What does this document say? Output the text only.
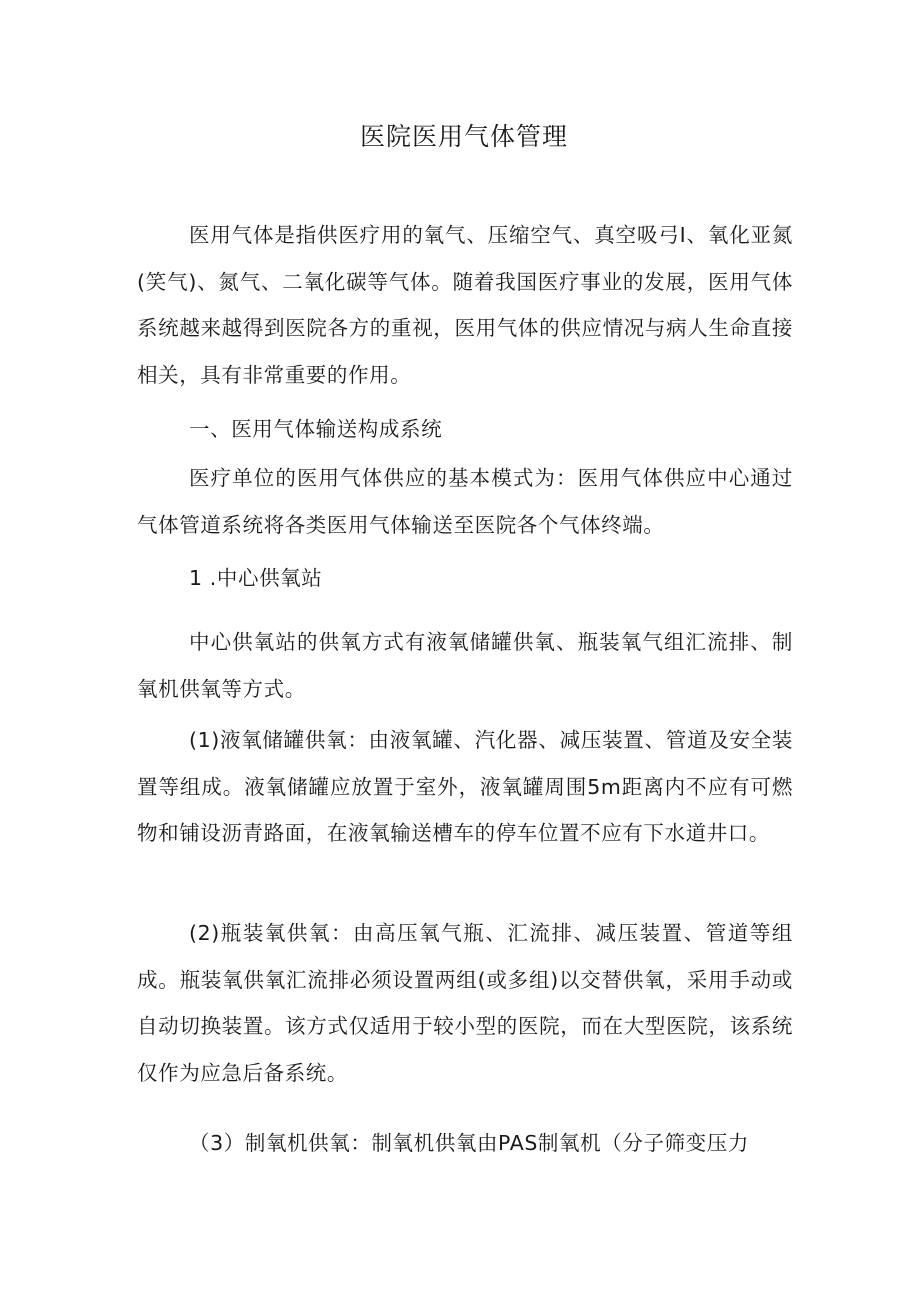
医院医用气体管理

医用气体是指供医疗用的氧气、压缩空气、真空吸弓I、氧化亚氮(笑气)、氮气、二氧化碳等气体。随着我国医疗事业的发展，医用气体系统越来越得到医院各方的重视，医用气体的供应情况与病人生命直接相关，具有非常重要的作用。

一、医用气体输送构成系统

医疗单位的医用气体供应的基本模式为：医用气体供应中心通过气体管道系统将各类医用气体输送至医院各个气体终端。

1 .中心供氧站

中心供氧站的供氧方式有液氧储罐供氧、瓶装氧气组汇流排、制氧机供氧等方式。

(1)液氧储罐供氧：由液氧罐、汽化器、减压装置、管道及安全装置等组成。液氧储罐应放置于室外，液氧罐周围5m距离内不应有可燃物和铺设沥青路面，在液氧输送槽车的停车位置不应有下水道井口。

(2)瓶装氧供氧：由高压氧气瓶、汇流排、减压装置、管道等组成。瓶装氧供氧汇流排必须设置两组(或多组)以交替供氧，采用手动或自动切换装置。该方式仅适用于较小型的医院，而在大型医院，该系统仅作为应急后备系统。

（3）制氧机供氧：制氧机供氧由PAS制氧机（分子筛变压力
